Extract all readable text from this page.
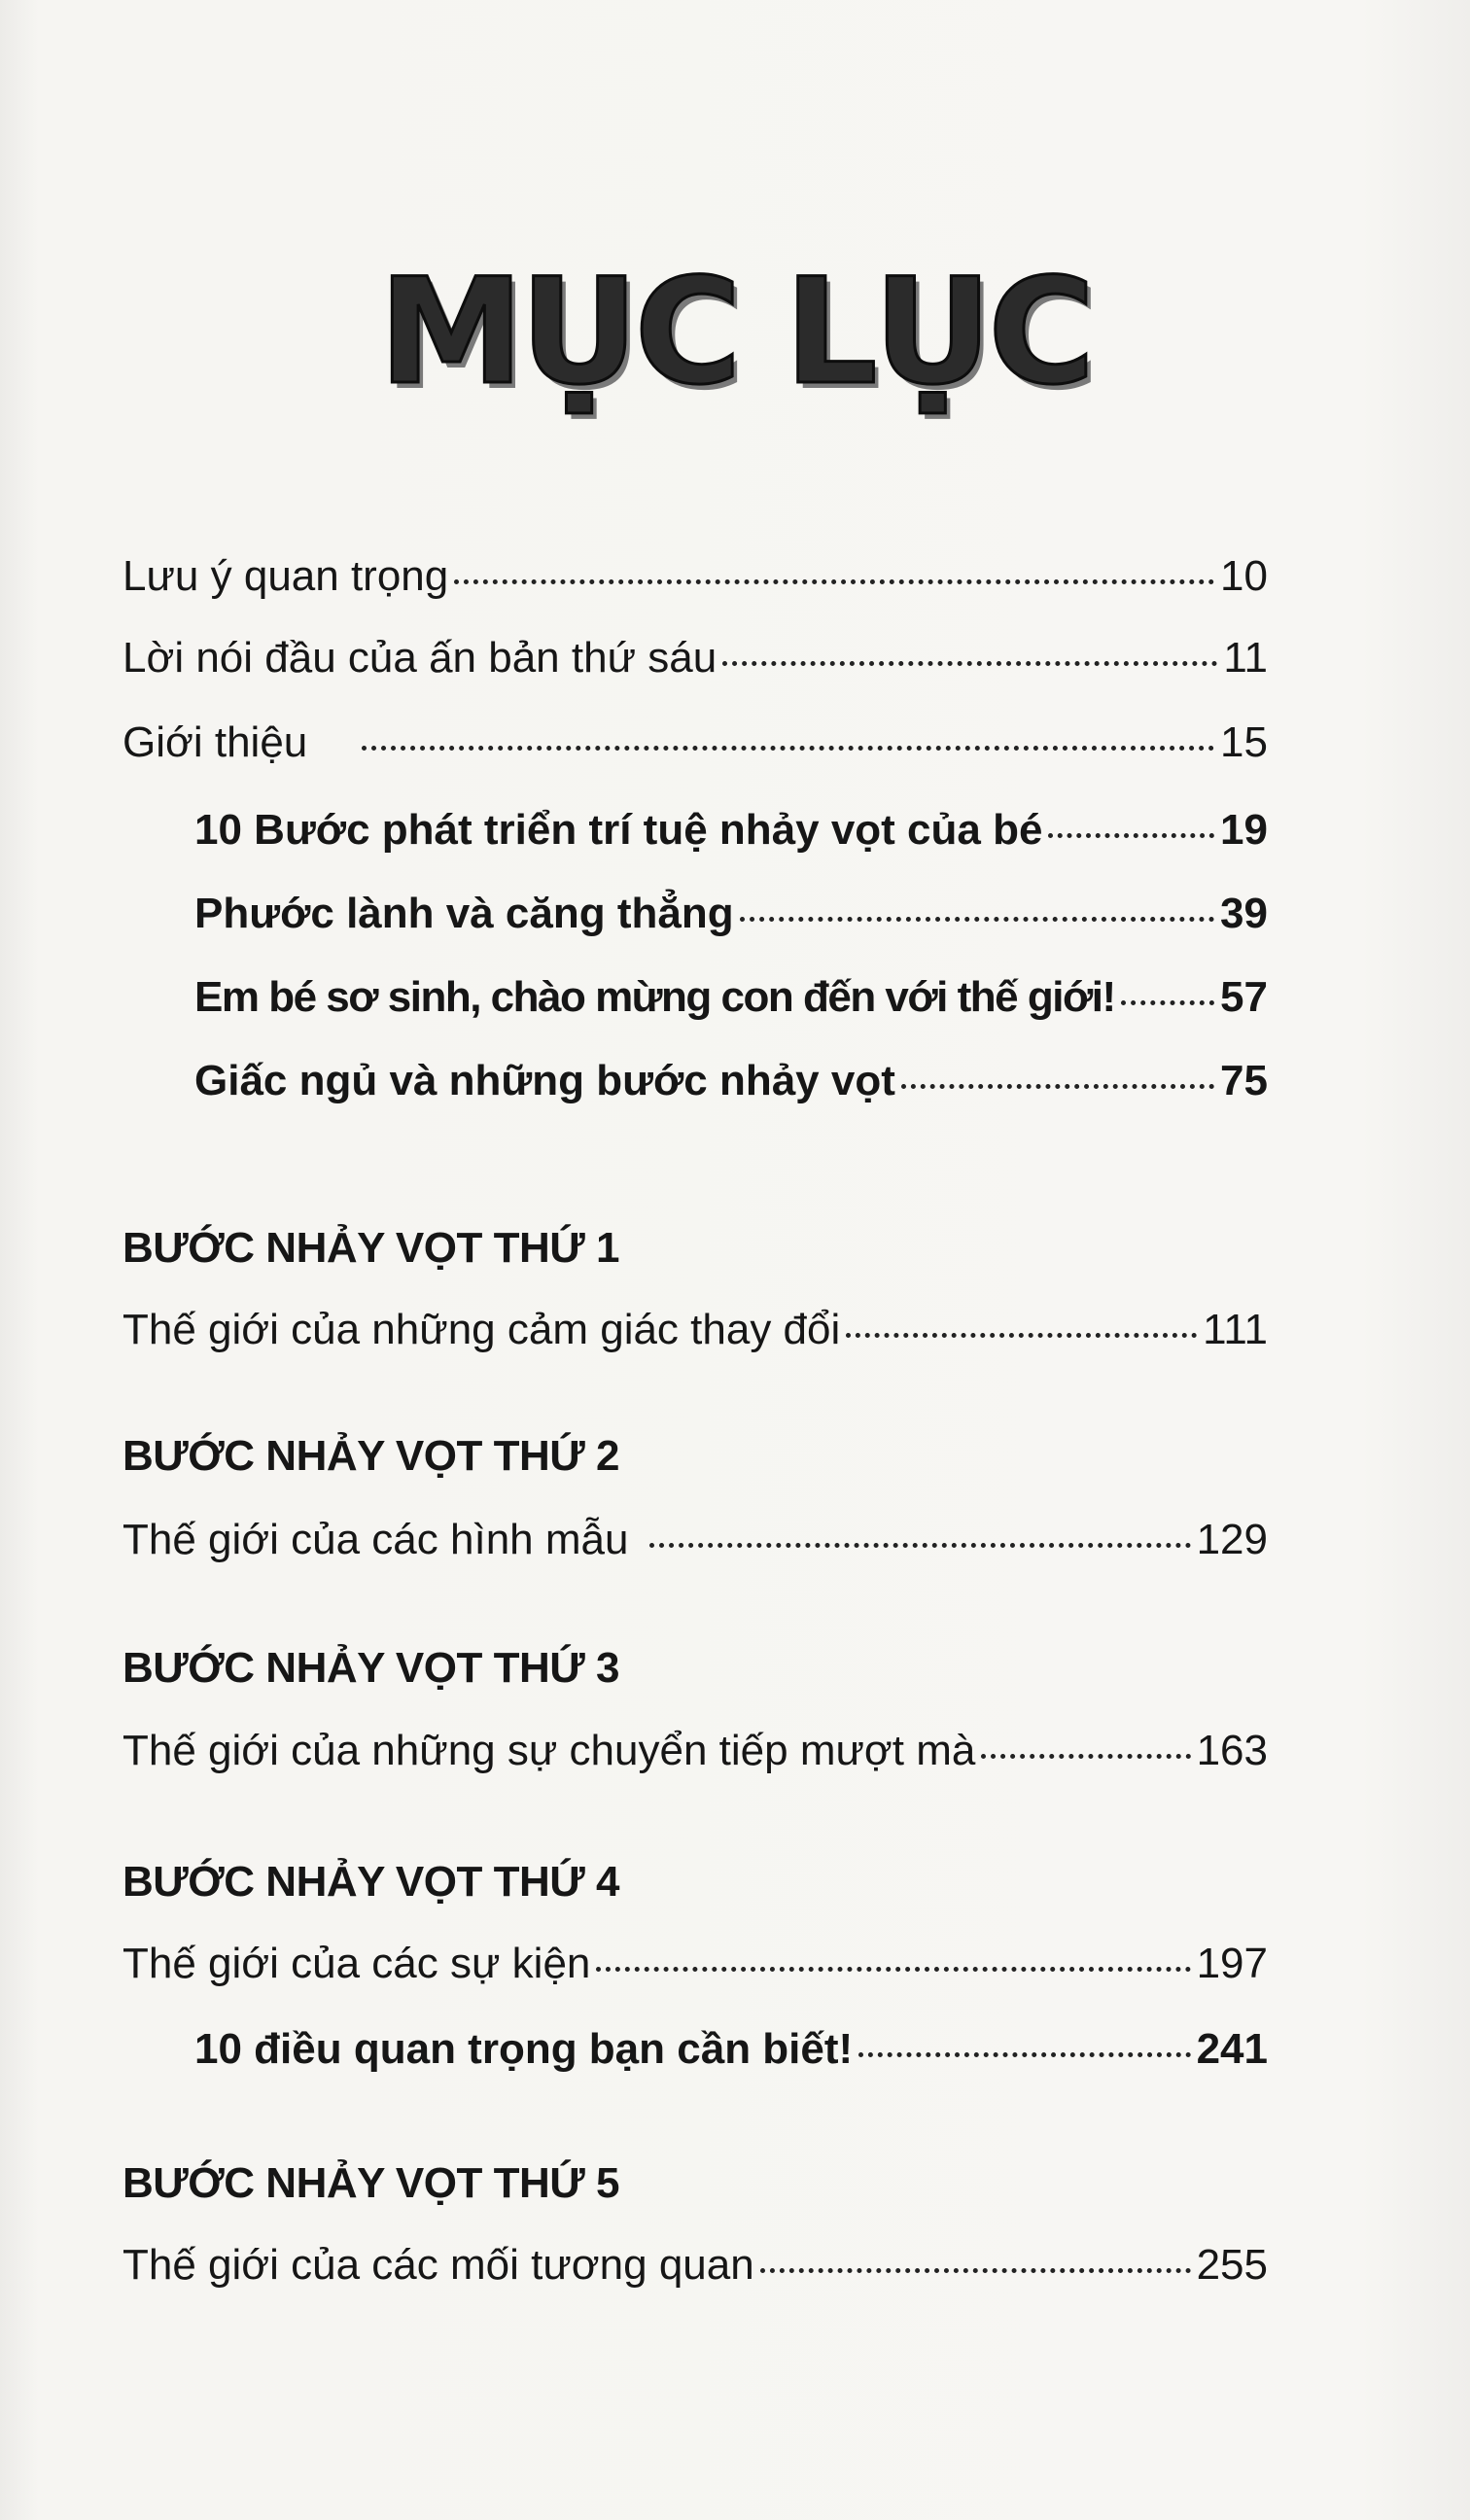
MỤC LỤC
Lưu ý quan trọng	10
Lời nói đầu của ấn bản thứ sáu	11
Giới thiệu	15
10 Bước phát triển trí tuệ nhảy vọt của bé	19
Phước lành và căng thẳng	39
Em bé sơ sinh, chào mừng con đến với thế giới! 57
Giấc ngủ và những bước nhảy vọt	75
BƯỚC NHẢY VỌT THỨ 1
Thế giới của những cảm giác thay đổi	111
BƯỚC NHẢY VỌT THỨ 2
Thế giới của các hình mẫu	129
BƯỚC NHẢY VỌT THỨ 3
Thế giới của những sự chuyển tiếp mượt mà	163
BƯỚC NHẢY VỌT THỨ 4
Thế giới của các sự kiện	197
10 điều quan trọng bạn cần biết!	241
BƯỚC NHẢY VỌT THỨ 5
Thế giới của các mối tương quan	255
